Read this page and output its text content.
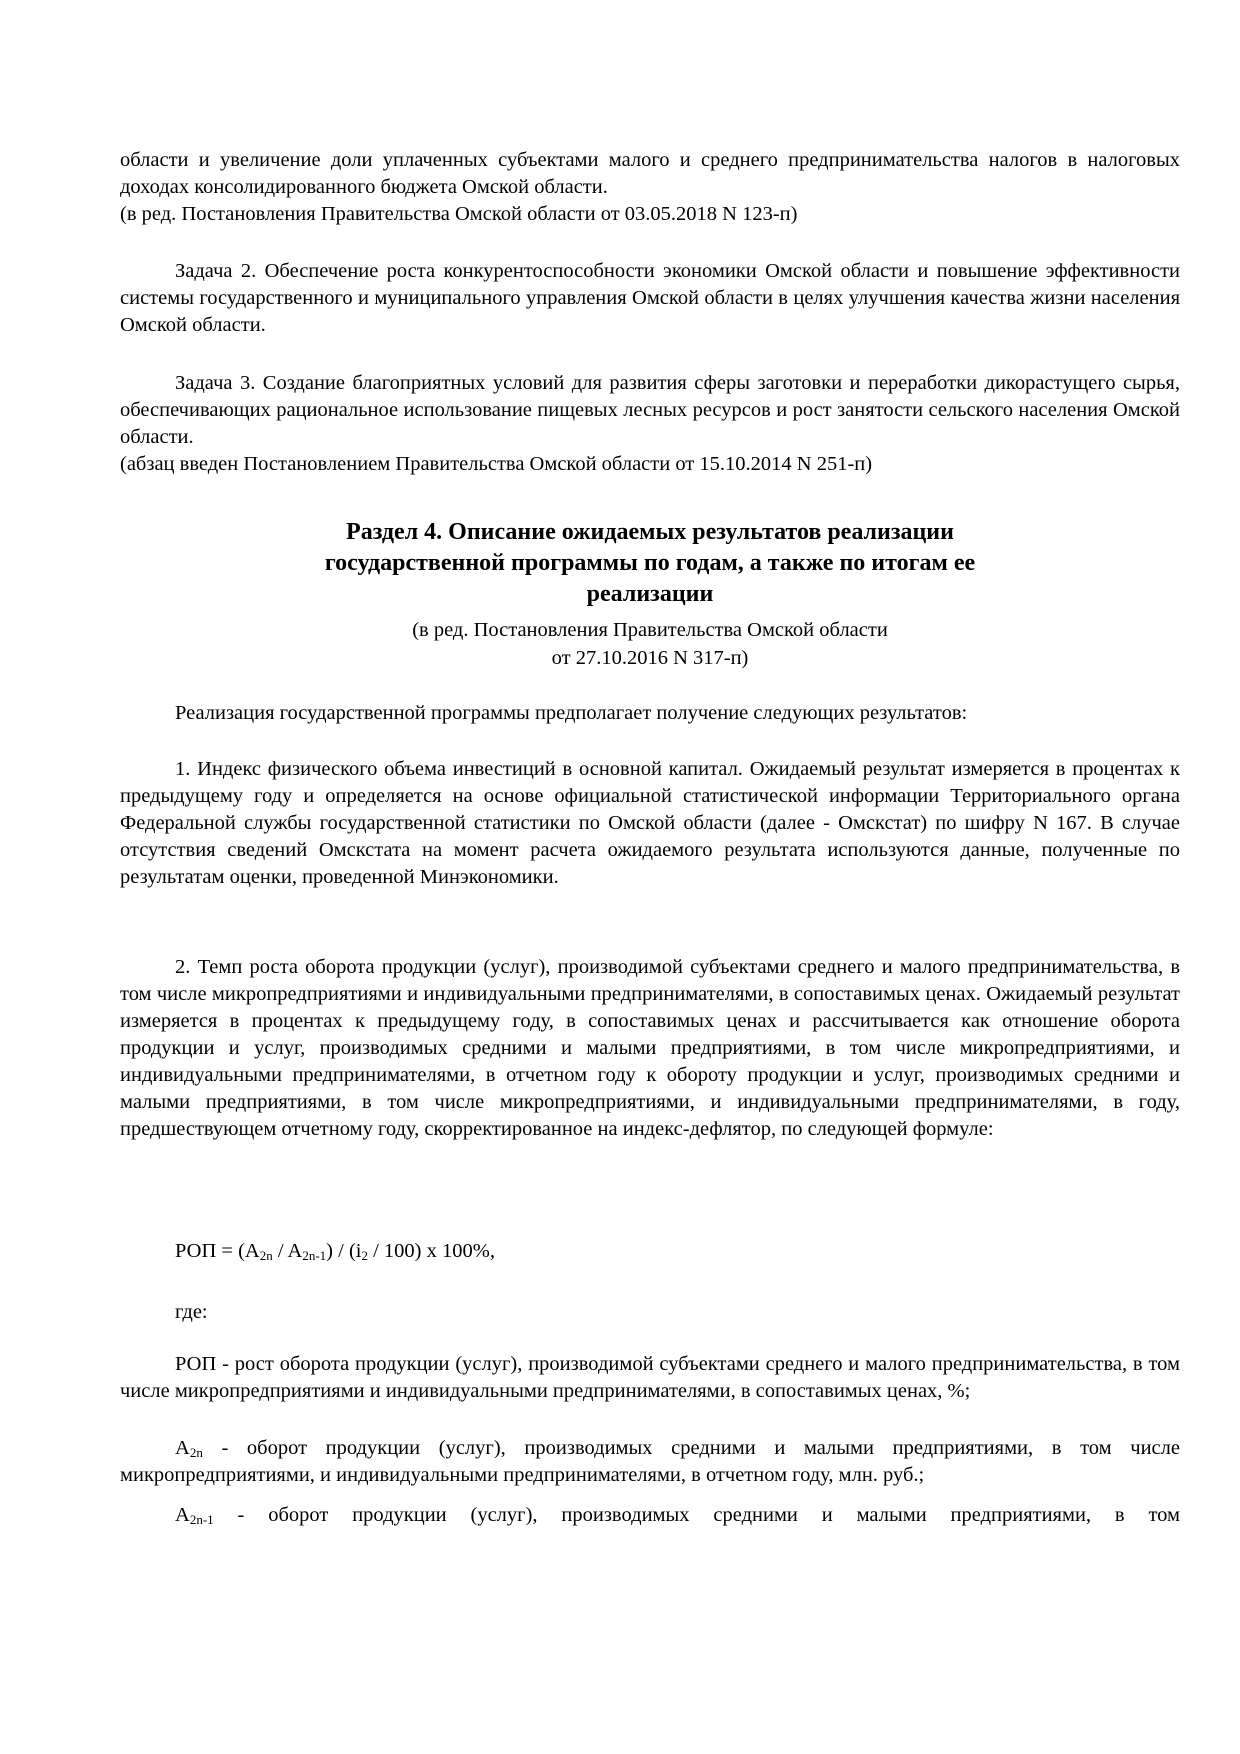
области и увеличение доли уплаченных субъектами малого и среднего предпринимательства налогов в налоговых доходах консолидированного бюджета Омской области.

(в ред. Постановления Правительства Омской области от 03.05.2018 N 123-п)

Задача 2. Обеспечение роста конкурентоспособности экономики Омской области и повышение эффективности системы государственного и муниципального управления Омской области в целях улучшения качества жизни населения Омской области.

Задача 3. Создание благоприятных условий для развития сферы заготовки и переработки дикорастущего сырья, обеспечивающих рациональное использование пищевых лесных ресурсов и рост занятости сельского населения Омской области.

(абзац введен Постановлением Правительства Омской области от 15.10.2014 N 251-п)

Раздел 4. Описание ожидаемых результатов реализации
государственной программы по годам, а также по итогам ее
реализации
(в ред. Постановления Правительства Омской области
от 27.10.2016 N 317-п)

Реализация государственной программы предполагает получение следующих результатов:

1. Индекс физического объема инвестиций в основной капитал. Ожидаемый результат измеряется в процентах к предыдущему году и определяется на основе официальной статистической информации Территориального органа Федеральной службы государственной статистики по Омской области (далее - Омскстат) по шифру N 167. В случае отсутствия сведений Омскстата на момент расчета ожидаемого результата используются данные, полученные по результатам оценки, проведенной Минэкономики.

2. Темп роста оборота продукции (услуг), производимой субъектами среднего и малого предпринимательства, в том числе микропредприятиями и индивидуальными предпринимателями, в сопоставимых ценах. Ожидаемый результат измеряется в процентах к предыдущему году, в сопоставимых ценах и рассчитывается как отношение оборота продукции и услуг, производимых средними и малыми предприятиями, в том числе микропредприятиями, и индивидуальными предпринимателями, в отчетном году к обороту продукции и услуг, производимых средними и малыми предприятиями, в том числе микропредприятиями, и индивидуальными предпринимателями, в году, предшествующем отчетному году, скорректированное на индекс-дефлятор, по следующей формуле:

РОП = $(A_{2n} / A_{2n-1}) / (i_2 / 100)$ x 100%,

где:

РОП - рост оборота продукции (услуг), производимой субъектами среднего и малого предпринимательства, в том числе микропредприятиями и индивидуальными предпринимателями, в сопоставимых ценах, %;

$A_{2n}$ - оборот продукции (услуг), производимых средними и малыми предприятиями, в том числе микропредприятиями, и индивидуальными предпринимателями, в отчетном году, млн. руб.;

$A_{2n-1}$ - оборот продукции (услуг), производимых средними и малыми предприятиями, в том
